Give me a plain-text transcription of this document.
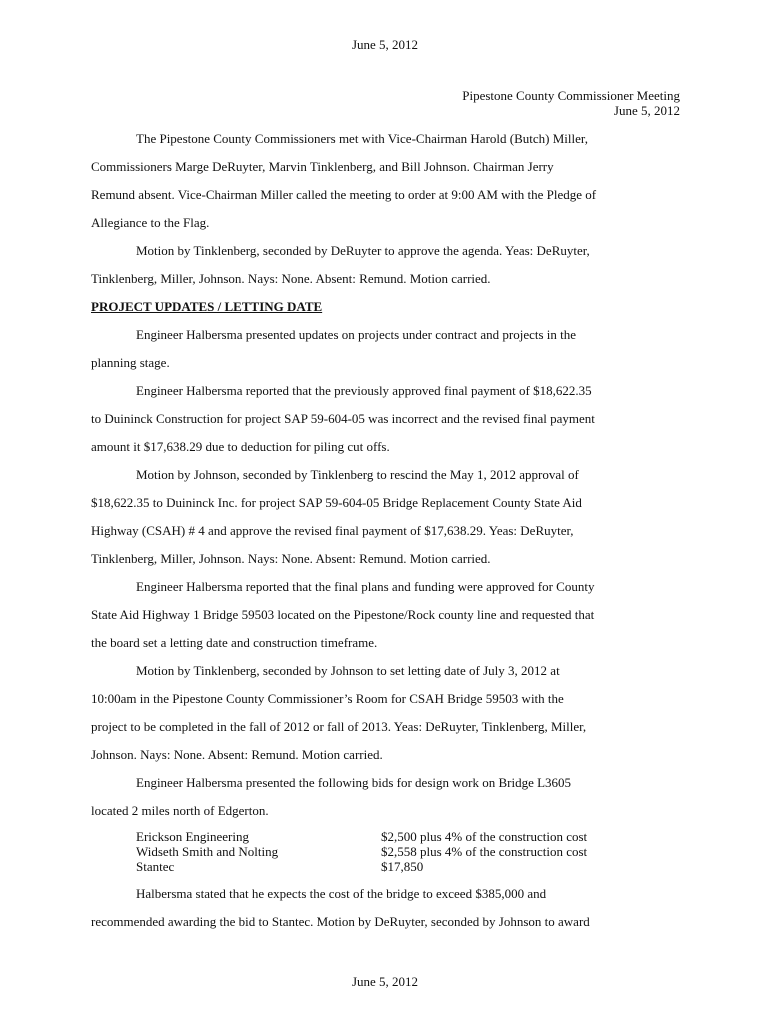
June 5, 2012
Pipestone County Commissioner Meeting
June 5, 2012

The Pipestone County Commissioners met with Vice-Chairman Harold (Butch) Miller,
Commissioners Marge DeRuyter, Marvin Tinklenberg, and Bill Johnson. Chairman Jerry
Remund absent. Vice-Chairman Miller called the meeting to order at 9:00 AM with the Pledge of
Allegiance to the Flag.

Motion by Tinklenberg, seconded by DeRuyter to approve the agenda. Yeas: DeRuyter,
Tinklenberg, Miller, Johnson. Nays: None. Absent: Remund. Motion carried.

PROJECT UPDATES / LETTING DATE

Engineer Halbersma presented updates on projects under contract and projects in the
planning stage.

Engineer Halbersma reported that the previously approved final payment of $18,622.35
to Duininck Construction for project SAP 59-604-05 was incorrect and the revised final payment
amount it $17,638.29 due to deduction for piling cut offs.

Motion by Johnson, seconded by Tinklenberg to rescind the May 1, 2012 approval of
$18,622.35 to Duininck Inc. for project SAP 59-604-05 Bridge Replacement County State Aid
Highway (CSAH) # 4 and approve the revised final payment of $17,638.29. Yeas: DeRuyter,
Tinklenberg, Miller, Johnson. Nays: None. Absent: Remund. Motion carried.

Engineer Halbersma reported that the final plans and funding were approved for County
State Aid Highway 1 Bridge 59503 located on the Pipestone/Rock county line and requested that
the board set a letting date and construction timeframe.

Motion by Tinklenberg, seconded by Johnson to set letting date of July 3, 2012 at
10:00am in the Pipestone County Commissioner’s Room for CSAH Bridge 59503 with the
project to be completed in the fall of 2012 or fall of 2013. Yeas: DeRuyter, Tinklenberg, Miller,
Johnson. Nays: None. Absent: Remund. Motion carried.

Engineer Halbersma presented the following bids for design work on Bridge L3605
located 2 miles north of Edgerton.

Erickson Engineering	$2,500 plus 4% of the construction cost
Widseth Smith and Nolting	$2,558 plus 4% of the construction cost
Stantec	$17,850

Halbersma stated that he expects the cost of the bridge to exceed $385,000 and
recommended awarding the bid to Stantec. Motion by DeRuyter, seconded by Johnson to award

June 5, 2012
